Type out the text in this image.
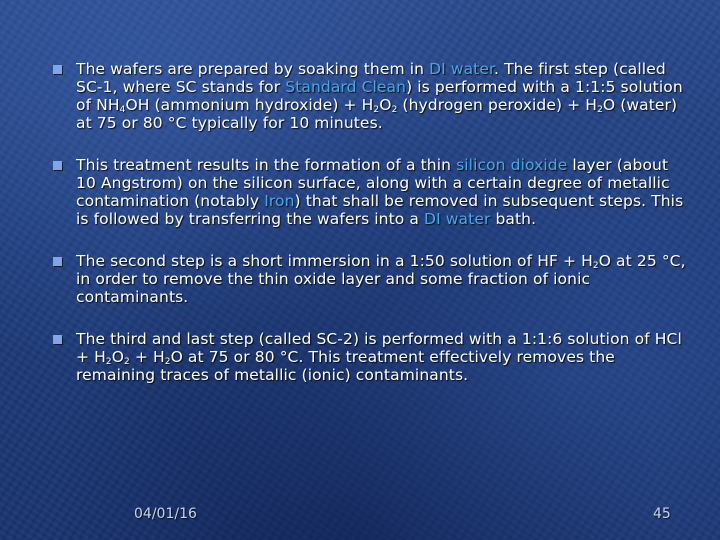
The wafers are prepared by soaking them in DI water. The first step (called SC-1, where SC stands for Standard Clean) is performed with a 1:1:5 solution of $NH_4OH$ (ammonium hydroxide) + $H_2O_2$ (hydrogen peroxide) + $H_2O$ (water) at 75 or 80 °C typically for 10 minutes.
This treatment results in the formation of a thin silicon dioxide layer (about 10 Angstrom) on the silicon surface, along with a certain degree of metallic contamination (notably Iron) that shall be removed in subsequent steps. This is followed by transferring the wafers into a DI water bath.
The second step is a short immersion in a 1:50 solution of HF + $H_2O$ at 25 °C, in order to remove the thin oxide layer and some fraction of ionic contaminants.
The third and last step (called SC-2) is performed with a 1:1:6 solution of HCl + $H_2O_2 + H_2O$ at 75 or 80 °C. This treatment effectively removes the remaining traces of metallic (ionic) contaminants.
04/01/16	45
